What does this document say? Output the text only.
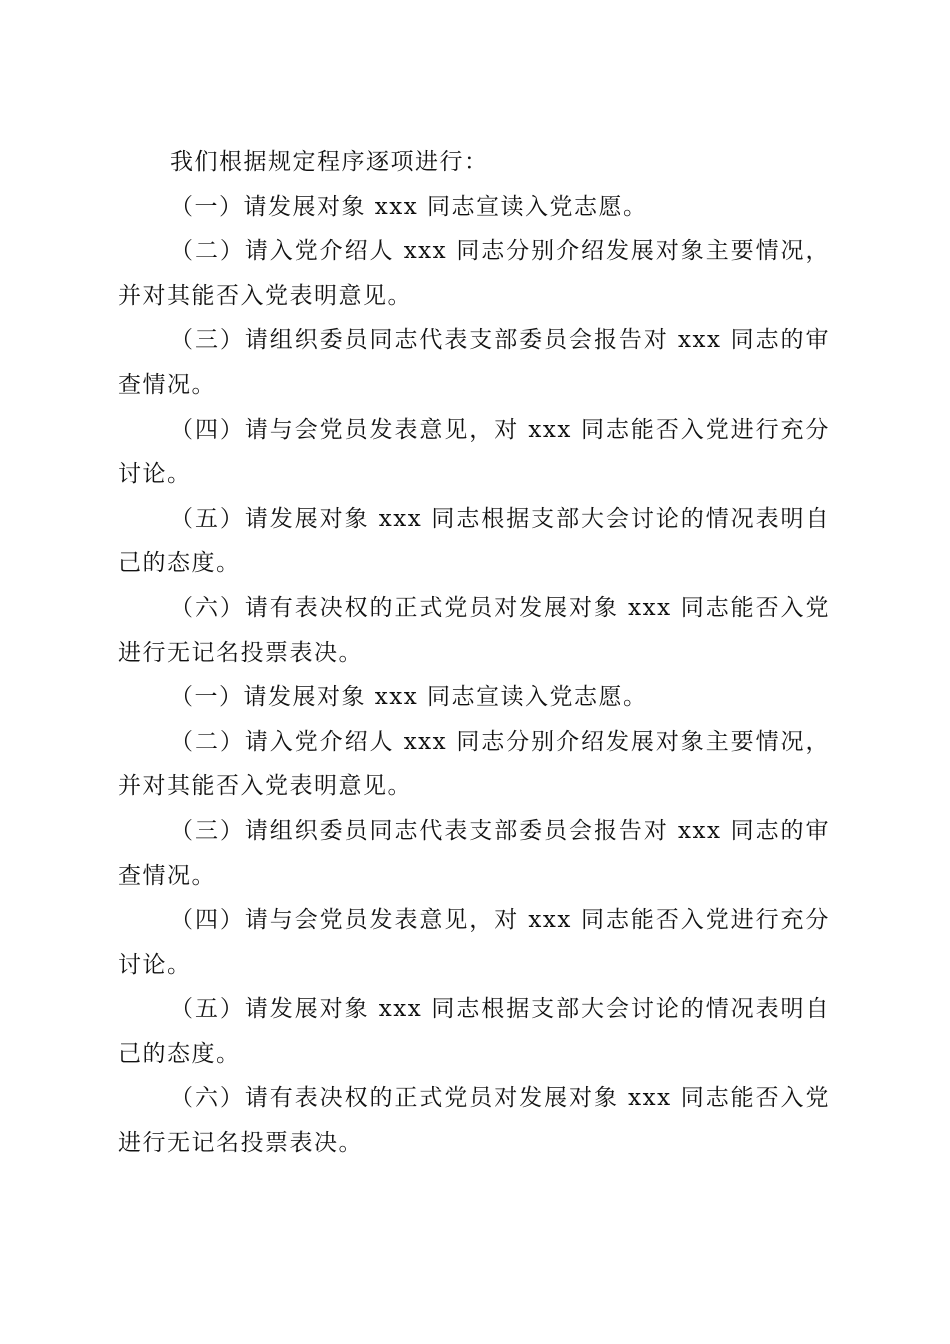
我们根据规定程序逐项进行：

（一）请发展对象 xxx 同志宣读入党志愿。

（二）请入党介绍人 xxx 同志分别介绍发展对象主要情况，并对其能否入党表明意见。

（三）请组织委员同志代表支部委员会报告对 xxx 同志的审查情况。

（四）请与会党员发表意见，对 xxx 同志能否入党进行充分讨论。

（五）请发展对象 xxx 同志根据支部大会讨论的情况表明自己的态度。

（六）请有表决权的正式党员对发展对象 xxx 同志能否入党进行无记名投票表决。

（一）请发展对象 xxx 同志宣读入党志愿。

（二）请入党介绍人 xxx 同志分别介绍发展对象主要情况，并对其能否入党表明意见。

（三）请组织委员同志代表支部委员会报告对 xxx 同志的审查情况。

（四）请与会党员发表意见，对 xxx 同志能否入党进行充分讨论。

（五）请发展对象 xxx 同志根据支部大会讨论的情况表明自己的态度。

（六）请有表决权的正式党员对发展对象 xxx 同志能否入党进行无记名投票表决。
